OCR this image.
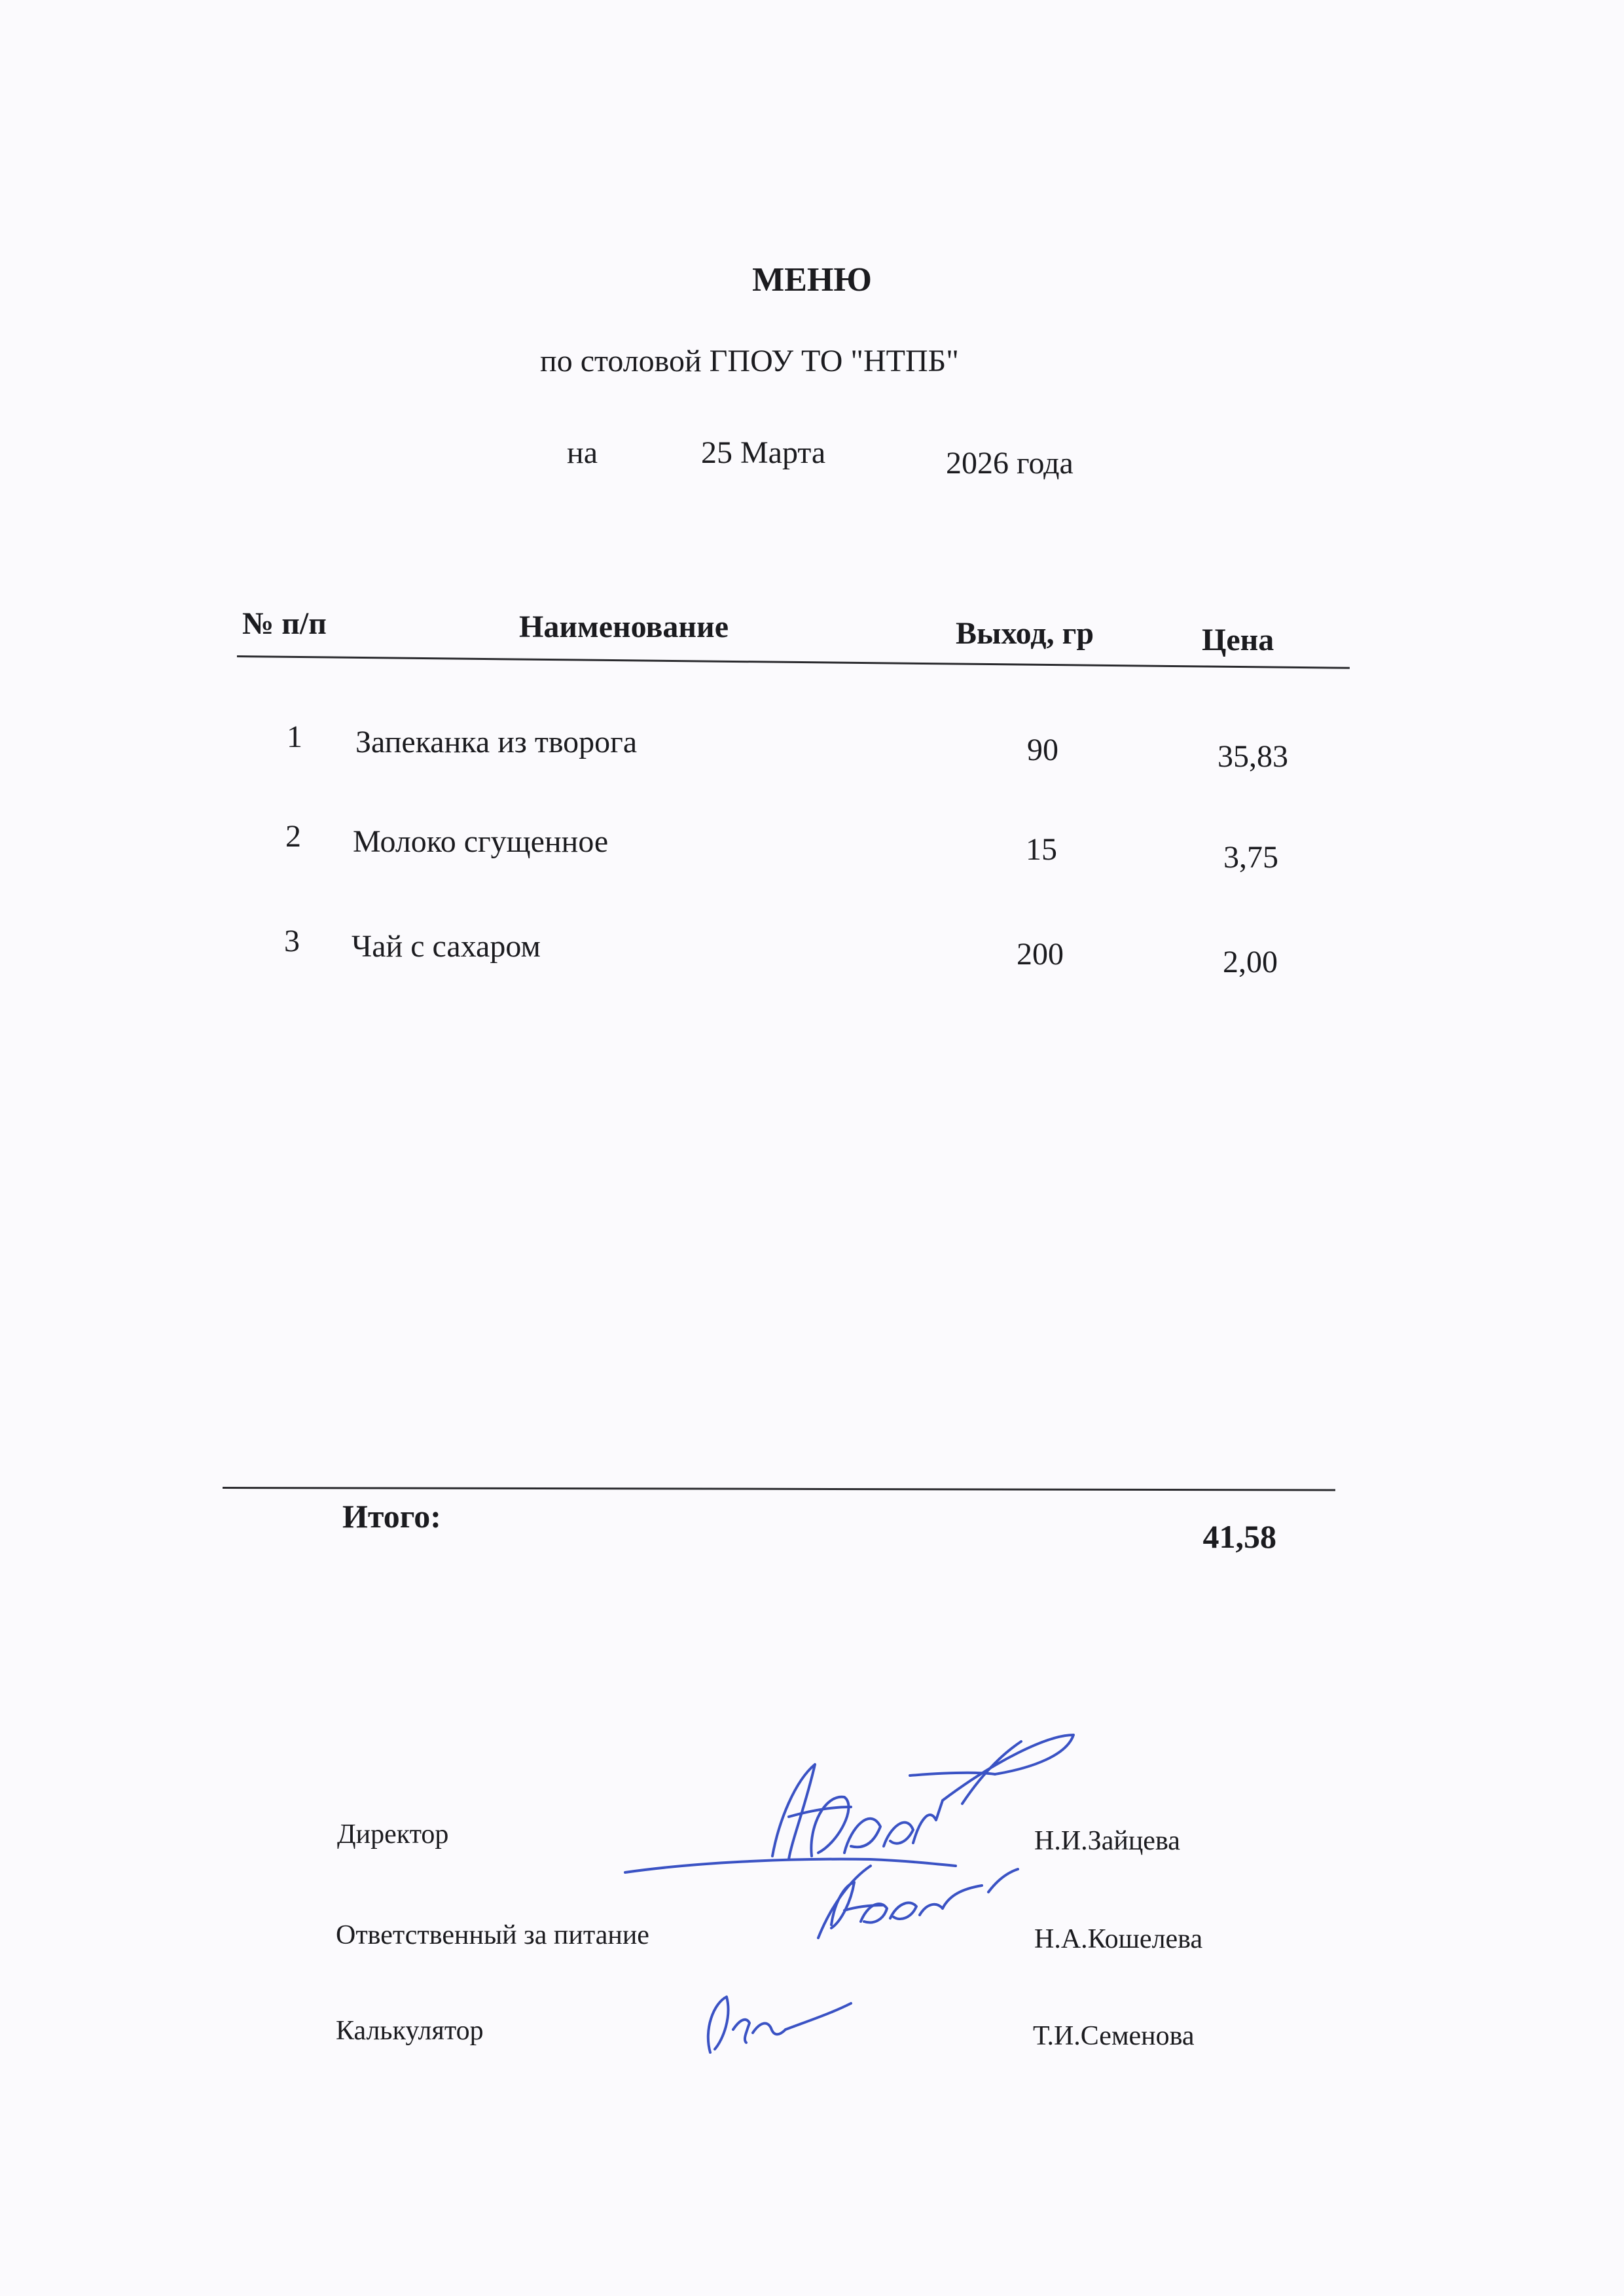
МЕНЮ
по столовой ГПОУ ТО "НТПБ"
на	25 Марта	2026 года
№ п/п	Наименование	Выход, гр	Цена
1 Запеканка из творога	90	35,83
2 Молоко сгущенное	15	3,75
3 Чай с сахаром	200	2,00
Итого:
41,58
Директор	Н.И.Зайцева
Ответственный за питание	Н.А.Кошелева
Калькулятор	Т.И.Семенова
